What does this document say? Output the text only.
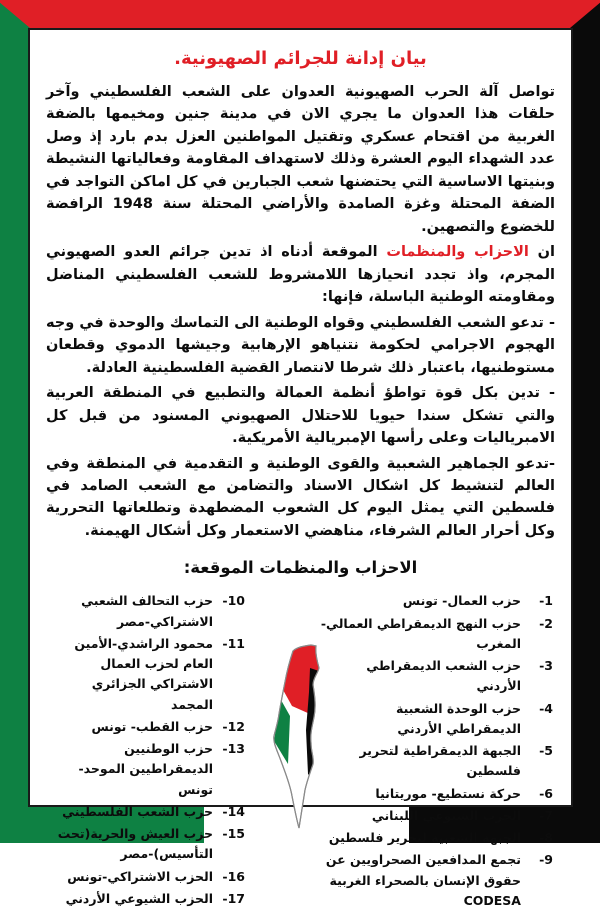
بيان إدانة للجرائم الصهيونية.

تواصل آلة الحرب الصهيونية العدوان على الشعب الفلسطيني وآخر حلقات هذا العدوان ما يجري الان في مدينة جنين ومخيمها بالضفة الغربية من اقتحام عسكري وتقتيل المواطنين العزل بدم بارد إذ وصل عدد الشهداء اليوم العشرة وذلك لاستهداف المقاومة وفعالياتها النشيطة وبنيتها الاساسية التي يحتضنها شعب الجبارين في كل اماكن التواجد في الضفة المحتلة وغزة الصامدة والأراضي المحتلة سنة 1948 الرافضة للخضوع والتصهين.

ان الاحزاب والمنظمات الموقعة أدناه اذ تدين جرائم العدو الصهيوني المجرم، واذ تجدد انحيازها اللامشروط للشعب الفلسطيني المناضل ومقاومته الوطنية الباسلة، فإنها:

- تدعو الشعب الفلسطيني وقواه الوطنية الى التماسك والوحدة في وجه الهجوم الاجرامي لحكومة نتنياهو الإرهابية وجيشها الدموي وقطعان مستوطنيها، باعتبار ذلك شرطا لانتصار القضية الفلسطينية العادلة.

- تدين بكل قوة تواطؤ أنظمة العمالة والتطبيع في المنطقة العربية والتي تشكل سندا حيويا للاحتلال الصهيوني المسنود من قبل كل الامبرياليات وعلى رأسها الإمبريالية الأمريكية.

-تدعو الجماهير الشعبية والقوى الوطنية و التقدمية في المنطقة وفي العالم لتنشيط كل اشكال الاسناد والتضامن مع الشعب الصامد في فلسطين التي يمثل اليوم كل الشعوب المضطهدة وتطلعاتها التحررية وكل أحرار العالم الشرفاء، مناهضي الاستعمار وكل أشكال الهيمنة.

الاحزاب والمنظمات الموقعة:
1-
حزب العمال- تونس
2-
حزب النهج الديمقراطي العمالي- المغرب
3-
حزب الشعب الديمقراطي الأردني
4-
حزب الوحدة الشعبية الديمقراطي الأردني
5-
الجبهة الديمقراطية لتحرير فلسطين
6-
حركة نستطيع- موريتانيا
7-
الحزب الشيوعي اللبناني
8-
الجبهة الشعبية لتحرير فلسطين
9-
تجمع المدافعين الصحراويين عن حقوق الإنسان بالصحراء الغربية CODESA
10-
حزب التحالف الشعبي الاشتراكي-مصر
11-
محمود الراشدي-الأمين العام لحزب العمال الاشتراكي الجزائري المجمد
12-
حزب القطب- تونس
13-
حزب الوطنيين الديمقراطيين الموحد-تونس
14-
حزب الشعب الفلسطيني
15-
حزب العيش والحرية(تحت التأسيس)-مصر
16-
الحزب الاشتراكي-تونس
17-
الحزب الشيوعي الأردني
